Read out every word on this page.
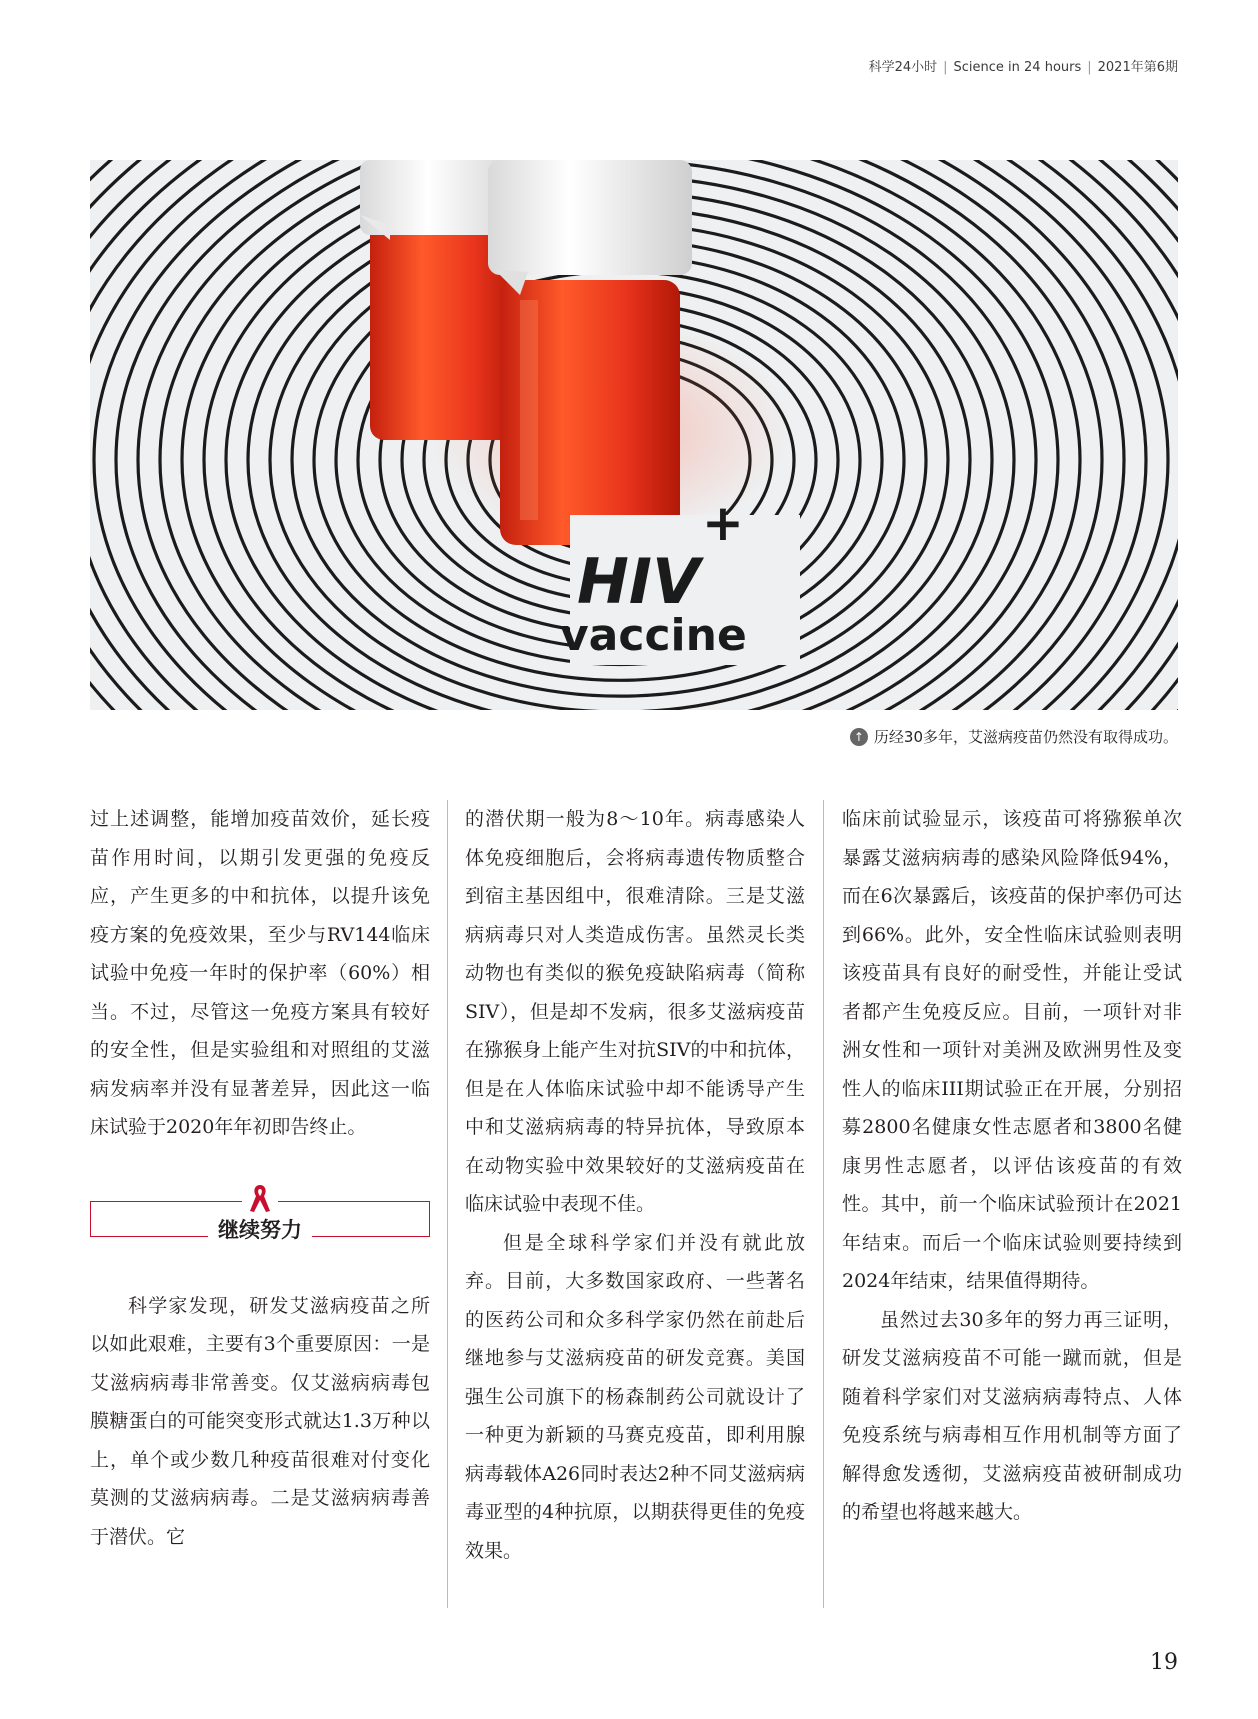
科学24小时 | Science in 24 hours | 2021年第6期
HIV
+
vaccine
↑ 历经30多年，艾滋病疫苗仍然没有取得成功。

过上述调整，能增加疫苗效价，延长疫苗作用时间，以期引发更强的免疫反应，产生更多的中和抗体，以提升该免疫方案的免疫效果，至少与RV144临床试验中免疫一年时的保护率（60%）相当。不过，尽管这一免疫方案具有较好的安全性，但是实验组和对照组的艾滋病发病率并没有显著差异，因此这一临床试验于2020年年初即告终止。

继续努力

科学家发现，研发艾滋病疫苗之所以如此艰难，主要有3个重要原因：一是艾滋病病毒非常善变。仅艾滋病病毒包膜糖蛋白的可能突变形式就达1.3万种以上，单个或少数几种疫苗很难对付变化莫测的艾滋病病毒。二是艾滋病病毒善于潜伏。它

的潜伏期一般为8～10年。病毒感染人体免疫细胞后，会将病毒遗传物质整合到宿主基因组中，很难清除。三是艾滋病病毒只对人类造成伤害。虽然灵长类动物也有类似的猴免疫缺陷病毒（简称SIV），但是却不发病，很多艾滋病疫苗在猕猴身上能产生对抗SIV的中和抗体，但是在人体临床试验中却不能诱导产生中和艾滋病病毒的特异抗体，导致原本在动物实验中效果较好的艾滋病疫苗在临床试验中表现不佳。

但是全球科学家们并没有就此放弃。目前，大多数国家政府、一些著名的医药公司和众多科学家仍然在前赴后继地参与艾滋病疫苗的研发竞赛。美国强生公司旗下的杨森制药公司就设计了一种更为新颖的马赛克疫苗，即利用腺病毒载体A26同时表达2种不同艾滋病病毒亚型的4种抗原，以期获得更佳的免疫效果。

临床前试验显示，该疫苗可将猕猴单次暴露艾滋病病毒的感染风险降低94%，而在6次暴露后，该疫苗的保护率仍可达到66%。此外，安全性临床试验则表明该疫苗具有良好的耐受性，并能让受试者都产生免疫反应。目前，一项针对非洲女性和一项针对美洲及欧洲男性及变性人的临床III期试验正在开展，分别招募2800名健康女性志愿者和3800名健康男性志愿者，以评估该疫苗的有效性。其中，前一个临床试验预计在2021年结束。而后一个临床试验则要持续到2024年结束，结果值得期待。

虽然过去30多年的努力再三证明，研发艾滋病疫苗不可能一蹴而就，但是随着科学家们对艾滋病病毒特点、人体免疫系统与病毒相互作用机制等方面了解得愈发透彻，艾滋病疫苗被研制成功的希望也将越来越大。

19
